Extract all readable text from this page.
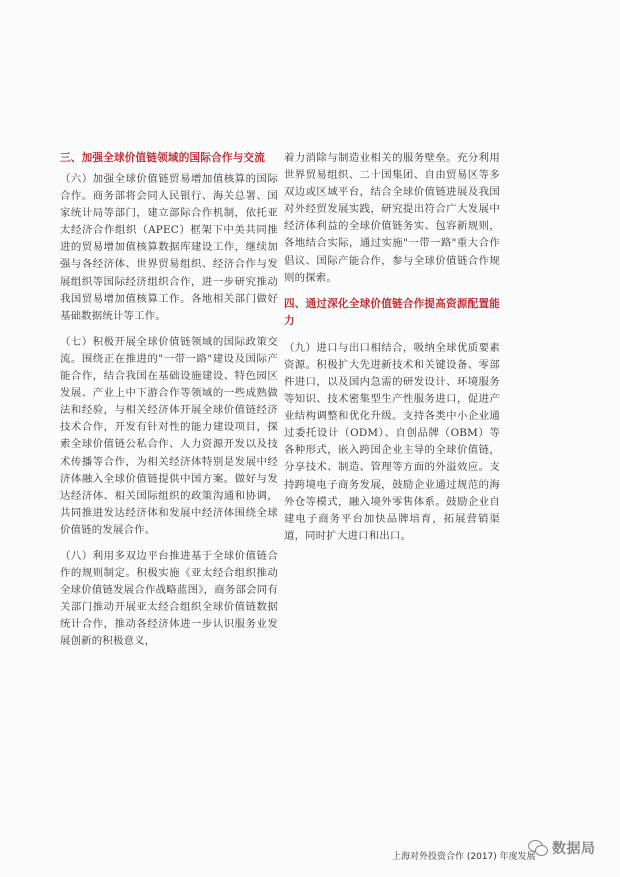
三、加强全球价值链领域的国际合作与交流

（六）加强全球价值链贸易增加值核算的国际合作。商务部将会同人民银行、海关总署、国家统计局等部门，建立部际合作机制，依托亚太经济合作组织（APEC）框架下中美共同推进的贸易增加值核算数据库建设工作，继续加强与各经济体、世界贸易组织、经济合作与发展组织等国际经济组织合作，进一步研究推动我国贸易增加值核算工作。各地相关部门做好基础数据统计等工作。

（七）积极开展全球价值链领域的国际政策交流。围绕正在推进的"一带一路"建设及国际产能合作，结合我国在基础设施建设、特色园区发展、产业上中下游合作等领域的一些成熟做法和经验，与相关经济体开展全球价值链经济技术合作，开发有针对性的能力建设项目，探索全球价值链公私合作、人力资源开发以及技术传播等合作，为相关经济体特别是发展中经济体融入全球价值链提供中国方案。做好与发达经济体、相关国际组织的政策沟通和协调，共同推进发达经济体和发展中经济体围绕全球价值链的发展合作。

（八）利用多双边平台推进基于全球价值链合作的规则制定。积极实施《亚太经合组织推动全球价值链发展合作战略蓝图》，商务部会同有关部门推动开展亚太经合组织全球价值链数据统计合作，推动各经济体进一步认识服务业发展创新的积极意义，

着力消除与制造业相关的服务壁垒。充分利用世界贸易组织、二十国集团、自由贸易区等多双边或区域平台，结合全球价值链进展及我国对外经贸发展实践，研究提出符合广大发展中经济体利益的全球价值链务实、包容新规则，各地结合实际，通过实施"一带一路"重大合作倡议、国际产能合作，参与全球价值链合作规则的探索。

四、通过深化全球价值链合作提高资源配置能力

（九）进口与出口相结合，吸纳全球优质要素资源。积极扩大先进新技术和关键设备、零部件进口，以及国内急需的研发设计、环境服务等知识、技术密集型生产性服务进口，促进产业结构调整和优化升级。支持各类中小企业通过委托设计（ODM）、自创品牌（OBM）等各种形式，嵌入跨国企业主导的全球价值链，分享技术、制造、管理等方面的外溢效应。支持跨境电子商务发展，鼓励企业通过规范的海外仓等模式，融入境外零售体系。鼓励企业自建电子商务平台加快品牌培育，拓展营销渠道，同时扩大进口和出口。

上海对外投资合作 (2017) 年度发展 数据局
